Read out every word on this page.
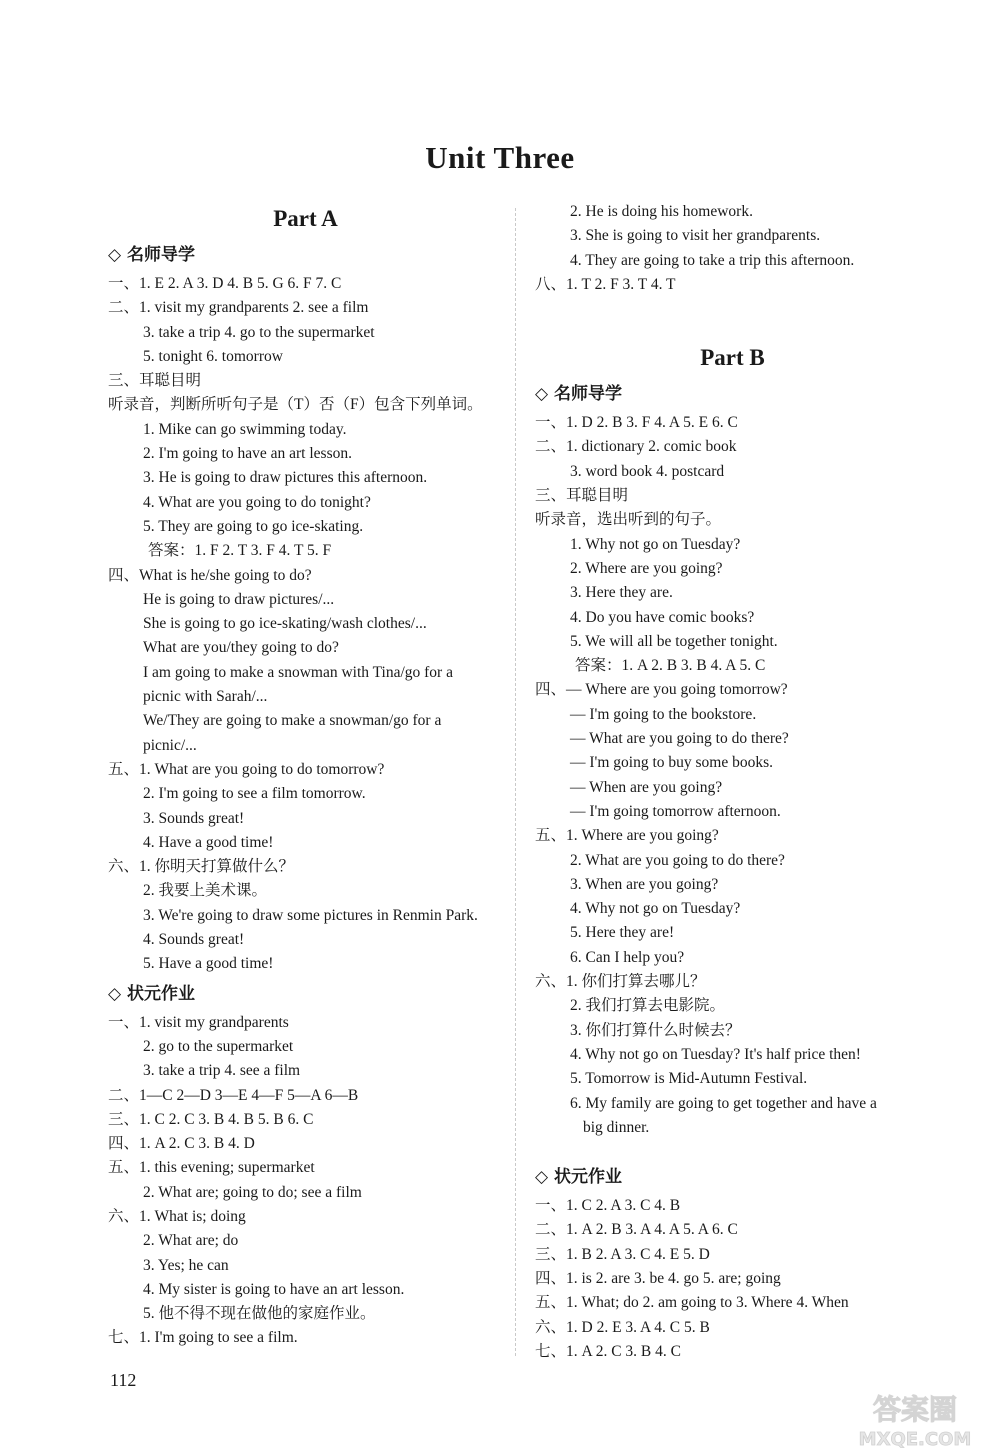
Unit Three
Part A
◇ 名师导学
一、1. E 2. A 3. D 4. B 5. G 6. F 7. C
二、1. visit my grandparents 2. see a film
3. take a trip 4. go to the supermarket
5. tonight 6. tomorrow
三、耳聪目明
听录音，判断所听句子是（T）否（F）包含下列单词。
1. Mike can go swimming today.
2. I'm going to have an art lesson.
3. He is going to draw pictures this afternoon.
4. What are you going to do tonight?
5. They are going to go ice-skating.
答案：1. F 2. T 3. F 4. T 5. F
四、What is he/she going to do?
He is going to draw pictures/...
She is going to go ice-skating/wash clothes/...
What are you/they going to do?
I am going to make a snowman with Tina/go for a
picnic with Sarah/...
We/They are going to make a snowman/go for a
picnic/...
五、1. What are you going to do tomorrow?
2. I'm going to see a film tomorrow.
3. Sounds great!
4. Have a good time!
六、1. 你明天打算做什么？
2. 我要上美术课。
3. We're going to draw some pictures in Renmin Park.
4. Sounds great!
5. Have a good time!
◇ 状元作业
一、1. visit my grandparents
2. go to the supermarket
3. take a trip 4. see a film
二、1—C 2—D 3—E 4—F 5—A 6—B
三、1. C 2. C 3. B 4. B 5. B 6. C
四、1. A 2. C 3. B 4. D
五、1. this evening; supermarket
2. What are; going to do; see a film
六、1. What is; doing
2. What are; do
3. Yes; he can
4. My sister is going to have an art lesson.
5. 他不得不现在做他的家庭作业。
七、1. I'm going to see a film.
2. He is doing his homework.
3. She is going to visit her grandparents.
4. They are going to take a trip this afternoon.
八、1. T 2. F 3. T 4. T
Part B
◇ 名师导学
一、1. D 2. B 3. F 4. A 5. E 6. C
二、1. dictionary 2. comic book
3. word book 4. postcard
三、耳聪目明
听录音，选出听到的句子。
1. Why not go on Tuesday?
2. Where are you going?
3. Here they are.
4. Do you have comic books?
5. We will all be together tonight.
答案：1. A 2. B 3. B 4. A 5. C
四、— Where are you going tomorrow?
— I'm going to the bookstore.
— What are you going to do there?
— I'm going to buy some books.
— When are you going?
— I'm going tomorrow afternoon.
五、1. Where are you going?
2. What are you going to do there?
3. When are you going?
4. Why not go on Tuesday?
5. Here they are!
6. Can I help you?
六、1. 你们打算去哪儿？
2. 我们打算去电影院。
3. 你们打算什么时候去？
4. Why not go on Tuesday? It's half price then!
5. Tomorrow is Mid-Autumn Festival.
6. My family are going to get together and have a
big dinner.
◇ 状元作业
一、1. C 2. A 3. C 4. B
二、1. A 2. B 3. A 4. A 5. A 6. C
三、1. B 2. A 3. C 4. E 5. D
四、1. is 2. are 3. be 4. go 5. are; going
五、1. What; do 2. am going to 3. Where 4. When
六、1. D 2. E 3. A 4. C 5. B
七、1. A 2. C 3. B 4. C
112
答案圈
MXQE.COM
